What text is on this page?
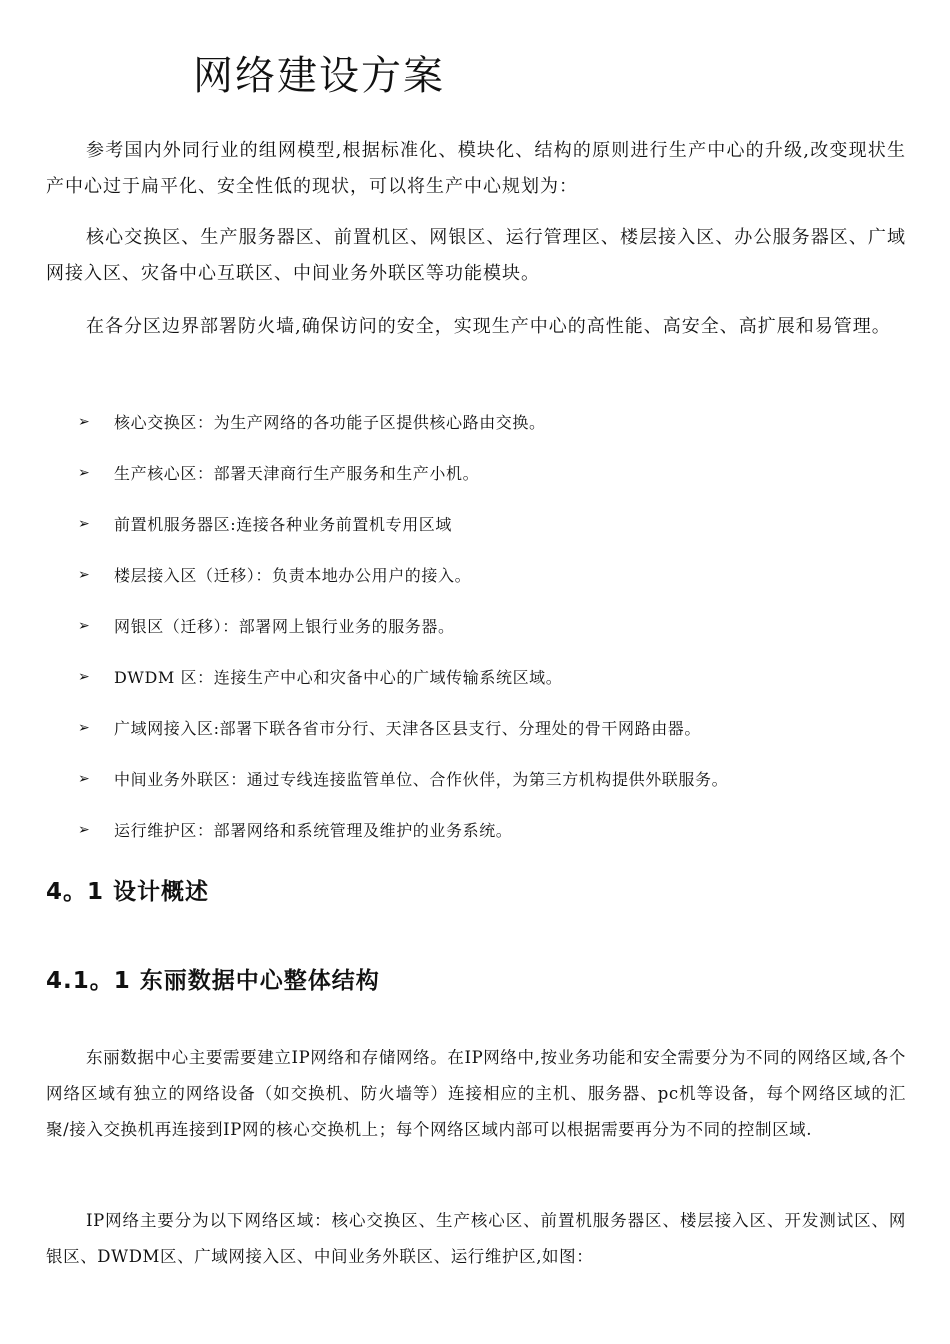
网络建设方案

参考国内外同行业的组网模型,根据标准化、模块化、结构的原则进行生产中心的升级,改变现状生产中心过于扁平化、安全性低的现状，可以将生产中心规划为：

核心交换区、生产服务器区、前置机区、网银区、运行管理区、楼层接入区、办公服务器区、广域网接入区、灾备中心互联区、中间业务外联区等功能模块。

在各分区边界部署防火墙,确保访问的安全，实现生产中心的高性能、高安全、高扩展和易管理。

➢	核心交换区：为生产网络的各功能子区提供核心路由交换。
➢	生产核心区：部署天津商行生产服务和生产小机。
➢	前置机服务器区:连接各种业务前置机专用区域
➢	楼层接入区（迁移）：负责本地办公用户的接入。
➢	网银区（迁移）：部署网上银行业务的服务器。
➢	DWDM 区：连接生产中心和灾备中心的广域传输系统区域。
➢	广域网接入区:部署下联各省市分行、天津各区县支行、分理处的骨干网路由器。
➢	中间业务外联区：通过专线连接监管单位、合作伙伴，为第三方机构提供外联服务。
➢	运行维护区：部署网络和系统管理及维护的业务系统。
4。1 设计概述
4.1。1 东丽数据中心整体结构

东丽数据中心主要需要建立IP网络和存储网络。在IP网络中,按业务功能和安全需要分为不同的网络区域,各个网络区域有独立的网络设备（如交换机、防火墙等）连接相应的主机、服务器、pc机等设备，每个网络区域的汇聚/接入交换机再连接到IP网的核心交换机上；每个网络区域内部可以根据需要再分为不同的控制区域.

IP网络主要分为以下网络区域：核心交换区、生产核心区、前置机服务器区、楼层接入区、开发测试区、网银区、DWDM区、广域网接入区、中间业务外联区、运行维护区,如图：
